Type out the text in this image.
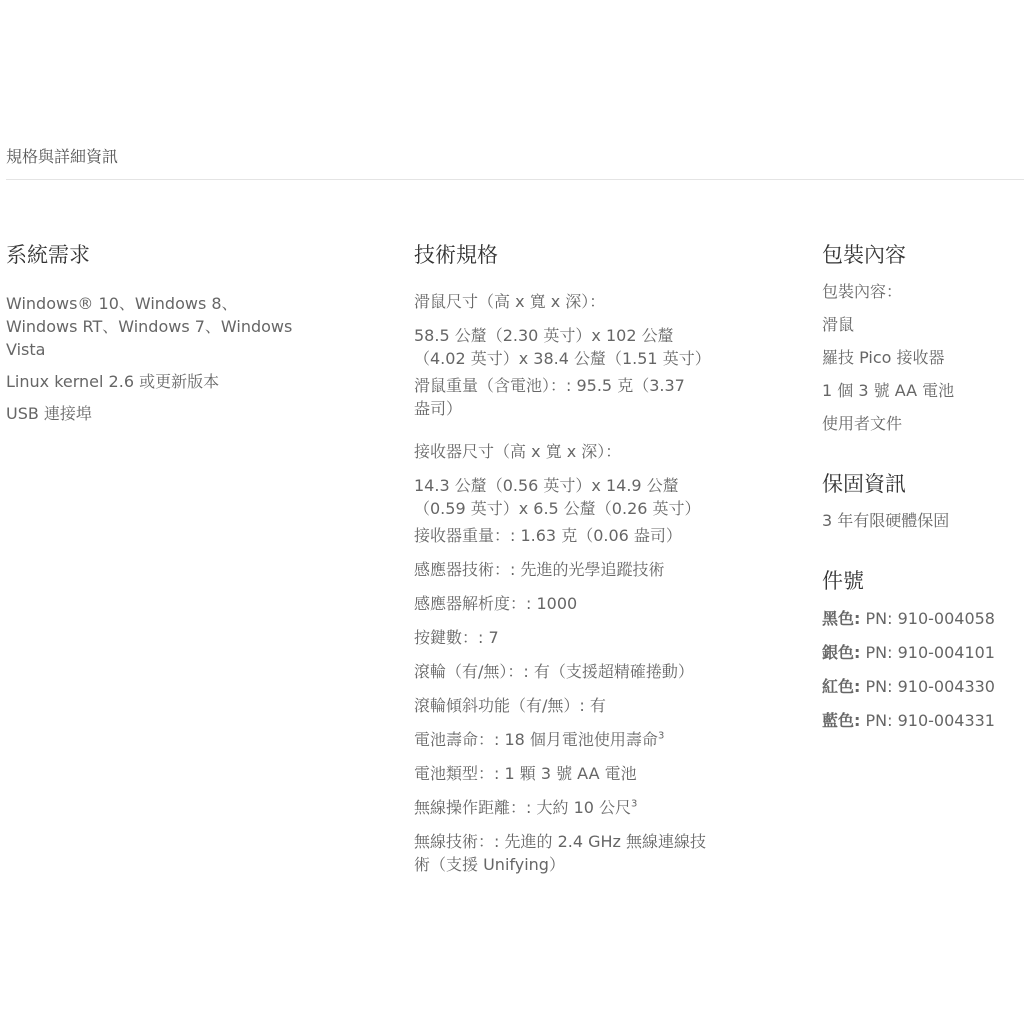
規格與詳細資訊
系統需求

Windows® 10、Windows 8、
Windows RT、Windows 7、Windows
Vista

Linux kernel 2.6 或更新版本

USB 連接埠

技術規格

滑鼠尺寸（高 x 寬 x 深）：

58.5 公釐（2.30 英寸）x 102 公釐
（4.02 英寸）x 38.4 公釐（1.51 英寸）

滑鼠重量（含電池）：: 95.5 克（3.37
盎司）

接收器尺寸（高 x 寬 x 深）：

14.3 公釐（0.56 英寸）x 14.9 公釐
（0.59 英寸）x 6.5 公釐（0.26 英寸）

接收器重量：: 1.63 克（0.06 盎司）

感應器技術：: 先進的光學追蹤技術

感應器解析度：: 1000

按鍵數：: 7

滾輪（有/無）：: 有（支援超精確捲動）

滾輪傾斜功能（有/無）: 有

電池壽命：: 18 個月電池使用壽命$^3$

電池類型：: 1 顆 3 號 AA 電池

無線操作距離：: 大約 10 公尺$^3$

無線技術：: 先進的 2.4 GHz 無線連線技
術（支援 Unifying）

包裝內容

包裝內容：

滑鼠

羅技 Pico 接收器

1 個 3 號 AA 電池

使用者文件

保固資訊

3 年有限硬體保固

件號

黑色: PN: 910-004058

銀色: PN: 910-004101

紅色: PN: 910-004330

藍色: PN: 910-004331
